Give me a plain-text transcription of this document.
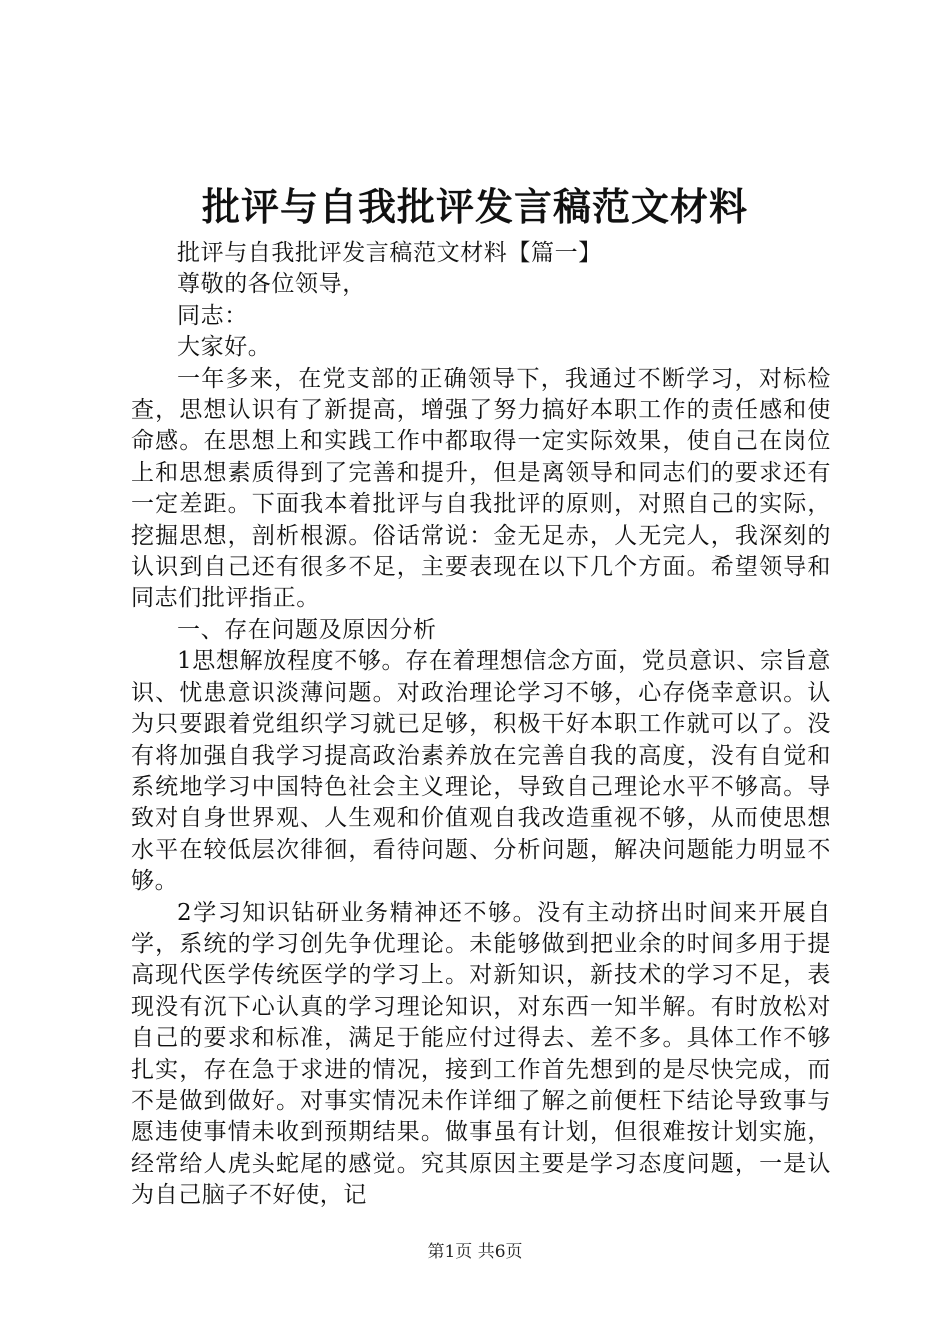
批评与自我批评发言稿范文材料

批评与自我批评发言稿范文材料【篇一】

尊敬的各位领导，

同志：

大家好。

一年多来，在党支部的正确领导下，我通过不断学习，对标检查，思想认识有了新提高，增强了努力搞好本职工作的责任感和使命感。在思想上和实践工作中都取得一定实际效果，使自己在岗位上和思想素质得到了完善和提升，但是离领导和同志们的要求还有一定差距。下面我本着批评与自我批评的原则，对照自己的实际，挖掘思想，剖析根源。俗话常说：金无足赤，人无完人，我深刻的认识到自己还有很多不足，主要表现在以下几个方面。希望领导和同志们批评指正。

一、存在问题及原因分析

1思想解放程度不够。存在着理想信念方面，党员意识、宗旨意识、忧患意识淡薄问题。对政治理论学习不够，心存侥幸意识。认为只要跟着党组织学习就已足够，积极干好本职工作就可以了。没有将加强自我学习提高政治素养放在完善自我的高度，没有自觉和系统地学习中国特色社会主义理论，导致自己理论水平不够高。导致对自身世界观、人生观和价值观自我改造重视不够，从而使思想水平在较低层次徘徊，看待问题、分析问题，解决问题能力明显不够。

2学习知识钻研业务精神还不够。没有主动挤出时间来开展自学，系统的学习创先争优理论。未能够做到把业余的时间多用于提高现代医学传统医学的学习上。对新知识，新技术的学习不足，表现没有沉下心认真的学习理论知识，对东西一知半解。有时放松对自己的要求和标准，满足于能应付过得去、差不多。具体工作不够扎实，存在急于求进的情况，接到工作首先想到的是尽快完成，而不是做到做好。对事实情况未作详细了解之前便枉下结论导致事与愿违使事情未收到预期结果。做事虽有计划，但很难按计划实施，经常给人虎头蛇尾的感觉。究其原因主要是学习态度问题，一是认为自己脑子不好使，记

第1页 共6页
